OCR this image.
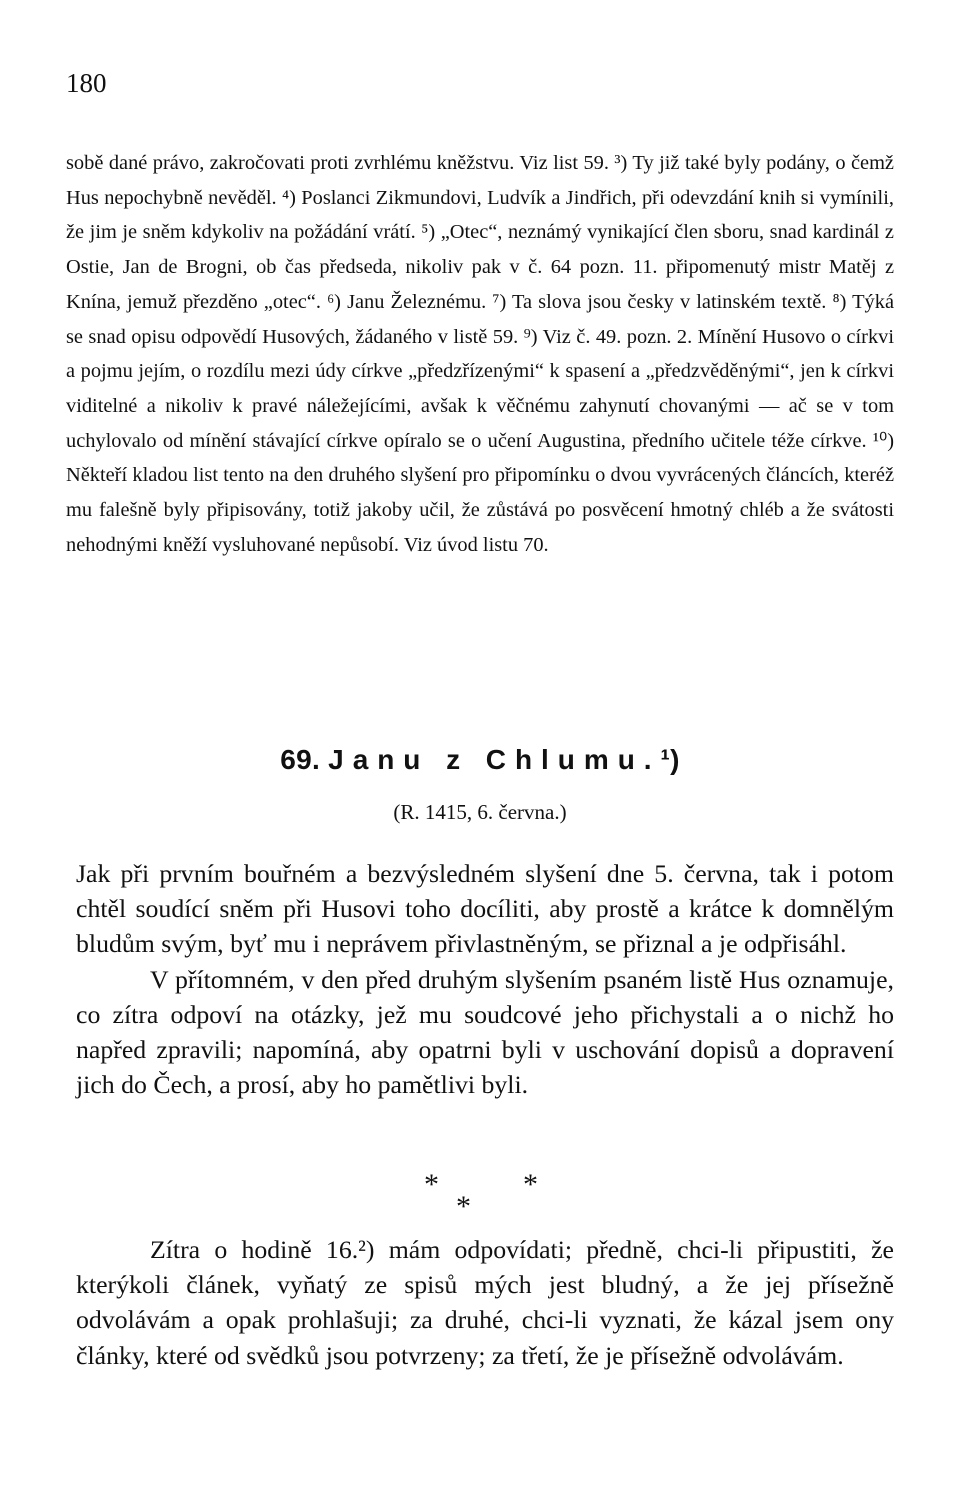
180
sobě dané právo, zakročovati proti zvrhlému kněžstvu. Viz list 59. ³) Ty již také byly podány, o čemž Hus nepochybně nevěděl. ⁴) Poslanci Zikmundovi, Ludvík a Jindřich, při odevzdání knih si vymínili, že jim je sněm kdykoliv na požádání vrátí. ⁵) „Otec“, neznámý vynikající člen sboru, snad kardinál z Ostie, Jan de Brogni, ob čas předseda, nikoliv pak v č. 64 pozn. 11. připomenutý mistr Matěj z Knína, jemuž přezděno „otec“. ⁶) Janu Železnému. ⁷) Ta slova jsou česky v latinském textě. ⁸) Týká se snad opisu odpovědí Husových, žádaného v listě 59. ⁹) Viz č. 49. pozn. 2. Mínění Husovo o církvi a pojmu jejím, o rozdílu mezi údy církve „předzřízenými“ k spasení a „předzvěděnými“, jen k církvi viditelné a nikoliv k pravé náležejícími, avšak k věčnému zahynutí chovanými — ač se v tom uchylovalo od mínění stávající církve opíralo se o učení Augustina, předního učitele téže církve. ¹⁰) Někteří kladou list tento na den druhého slyšení pro připomínku o dvou vyvrácených článcích, kteréž mu falešně byly připisovány, totiž jakoby učil, že zůstává po posvěcení hmotný chléb a že svátosti nehodnými kněží vysluhované nepůsobí. Viz úvod listu 70.
69. Janu z Chlumu.¹)
(R. 1415, 6. června.)

Jak při prvním bouřném a bezvýsledném slyšení dne 5. června, tak i potom chtěl soudící sněm při Husovi toho docíliti, aby prostě a krátce k domnělým bludům svým, byť mu i neprávem přivlastněným, se přiznal a je odpřisáhl.

V přítomném, v den před druhým slyšením psaném listě Hus oznamuje, co zítra odpoví na otázky, jež mu soudcové jeho přichystali a o nichž ho napřed zpravili; napomíná, aby opatrni byli v uschování dopisů a dopravení jich do Čech, a prosí, aby ho pamětlivi byli.

*
*
*

Zítra o hodině 16.²) mám odpovídati; předně, chci-li připustiti, že kterýkoli článek, vyňatý ze spisů mých jest bludný, a že jej přísežně odvolávám a opak prohlašuji; za druhé, chci-li vyznati, že kázal jsem ony články, které od svědků jsou potvrzeny; za třetí, že je přísežně odvolávám.
